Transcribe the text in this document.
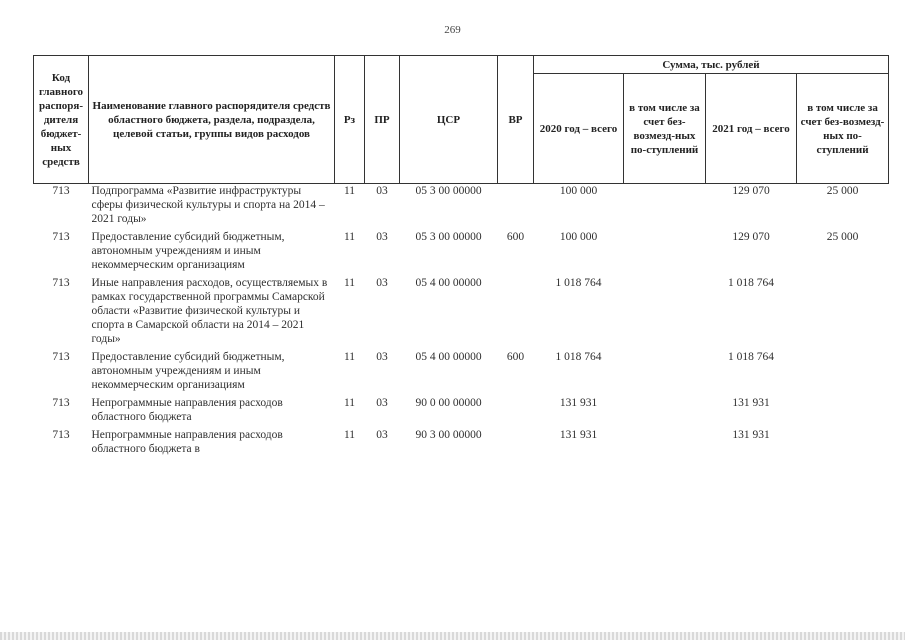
269
Код главного распоря-дителя бюджет-ных средств	Наименование главного распорядителя средств областного бюджета, раздела, подраздела, целевой статьи, группы видов расходов	Рз	ПР	ЦСР	ВР	Сумма, тыс. рублей			
						2020 год – всего	в том числе за счет без-возмезд-ных по-ступлений	2021 год – всего	в том числе за счет без-возмезд-ных по-ступлений
713	Подпрограмма «Развитие инфраструктуры сферы физической культуры и спорта на 2014 – 2021 годы»	11	03	05 3 00 00000		100 000		129 070	25 000
713	Предоставление субсидий бюджетным, автономным учреждениям и иным некоммерческим организациям	11	03	05 3 00 00000	600	100 000		129 070	25 000
713	Иные направления расходов, осуществляемых в рамках государственной программы Самарской области «Развитие физической культуры и спорта в Самарской области на 2014 – 2021 годы»	11	03	05 4 00 00000		1 018 764		1 018 764	
713	Предоставление субсидий бюджетным, автономным учреждениям и иным некоммерческим организациям	11	03	05 4 00 00000	600	1 018 764		1 018 764	
713	Непрограммные направления расходов областного бюджета	11	03	90 0 00 00000		131 931		131 931	
713	Непрограммные направления расходов областного бюджета в	11	03	90 3 00 00000		131 931		131 931	
